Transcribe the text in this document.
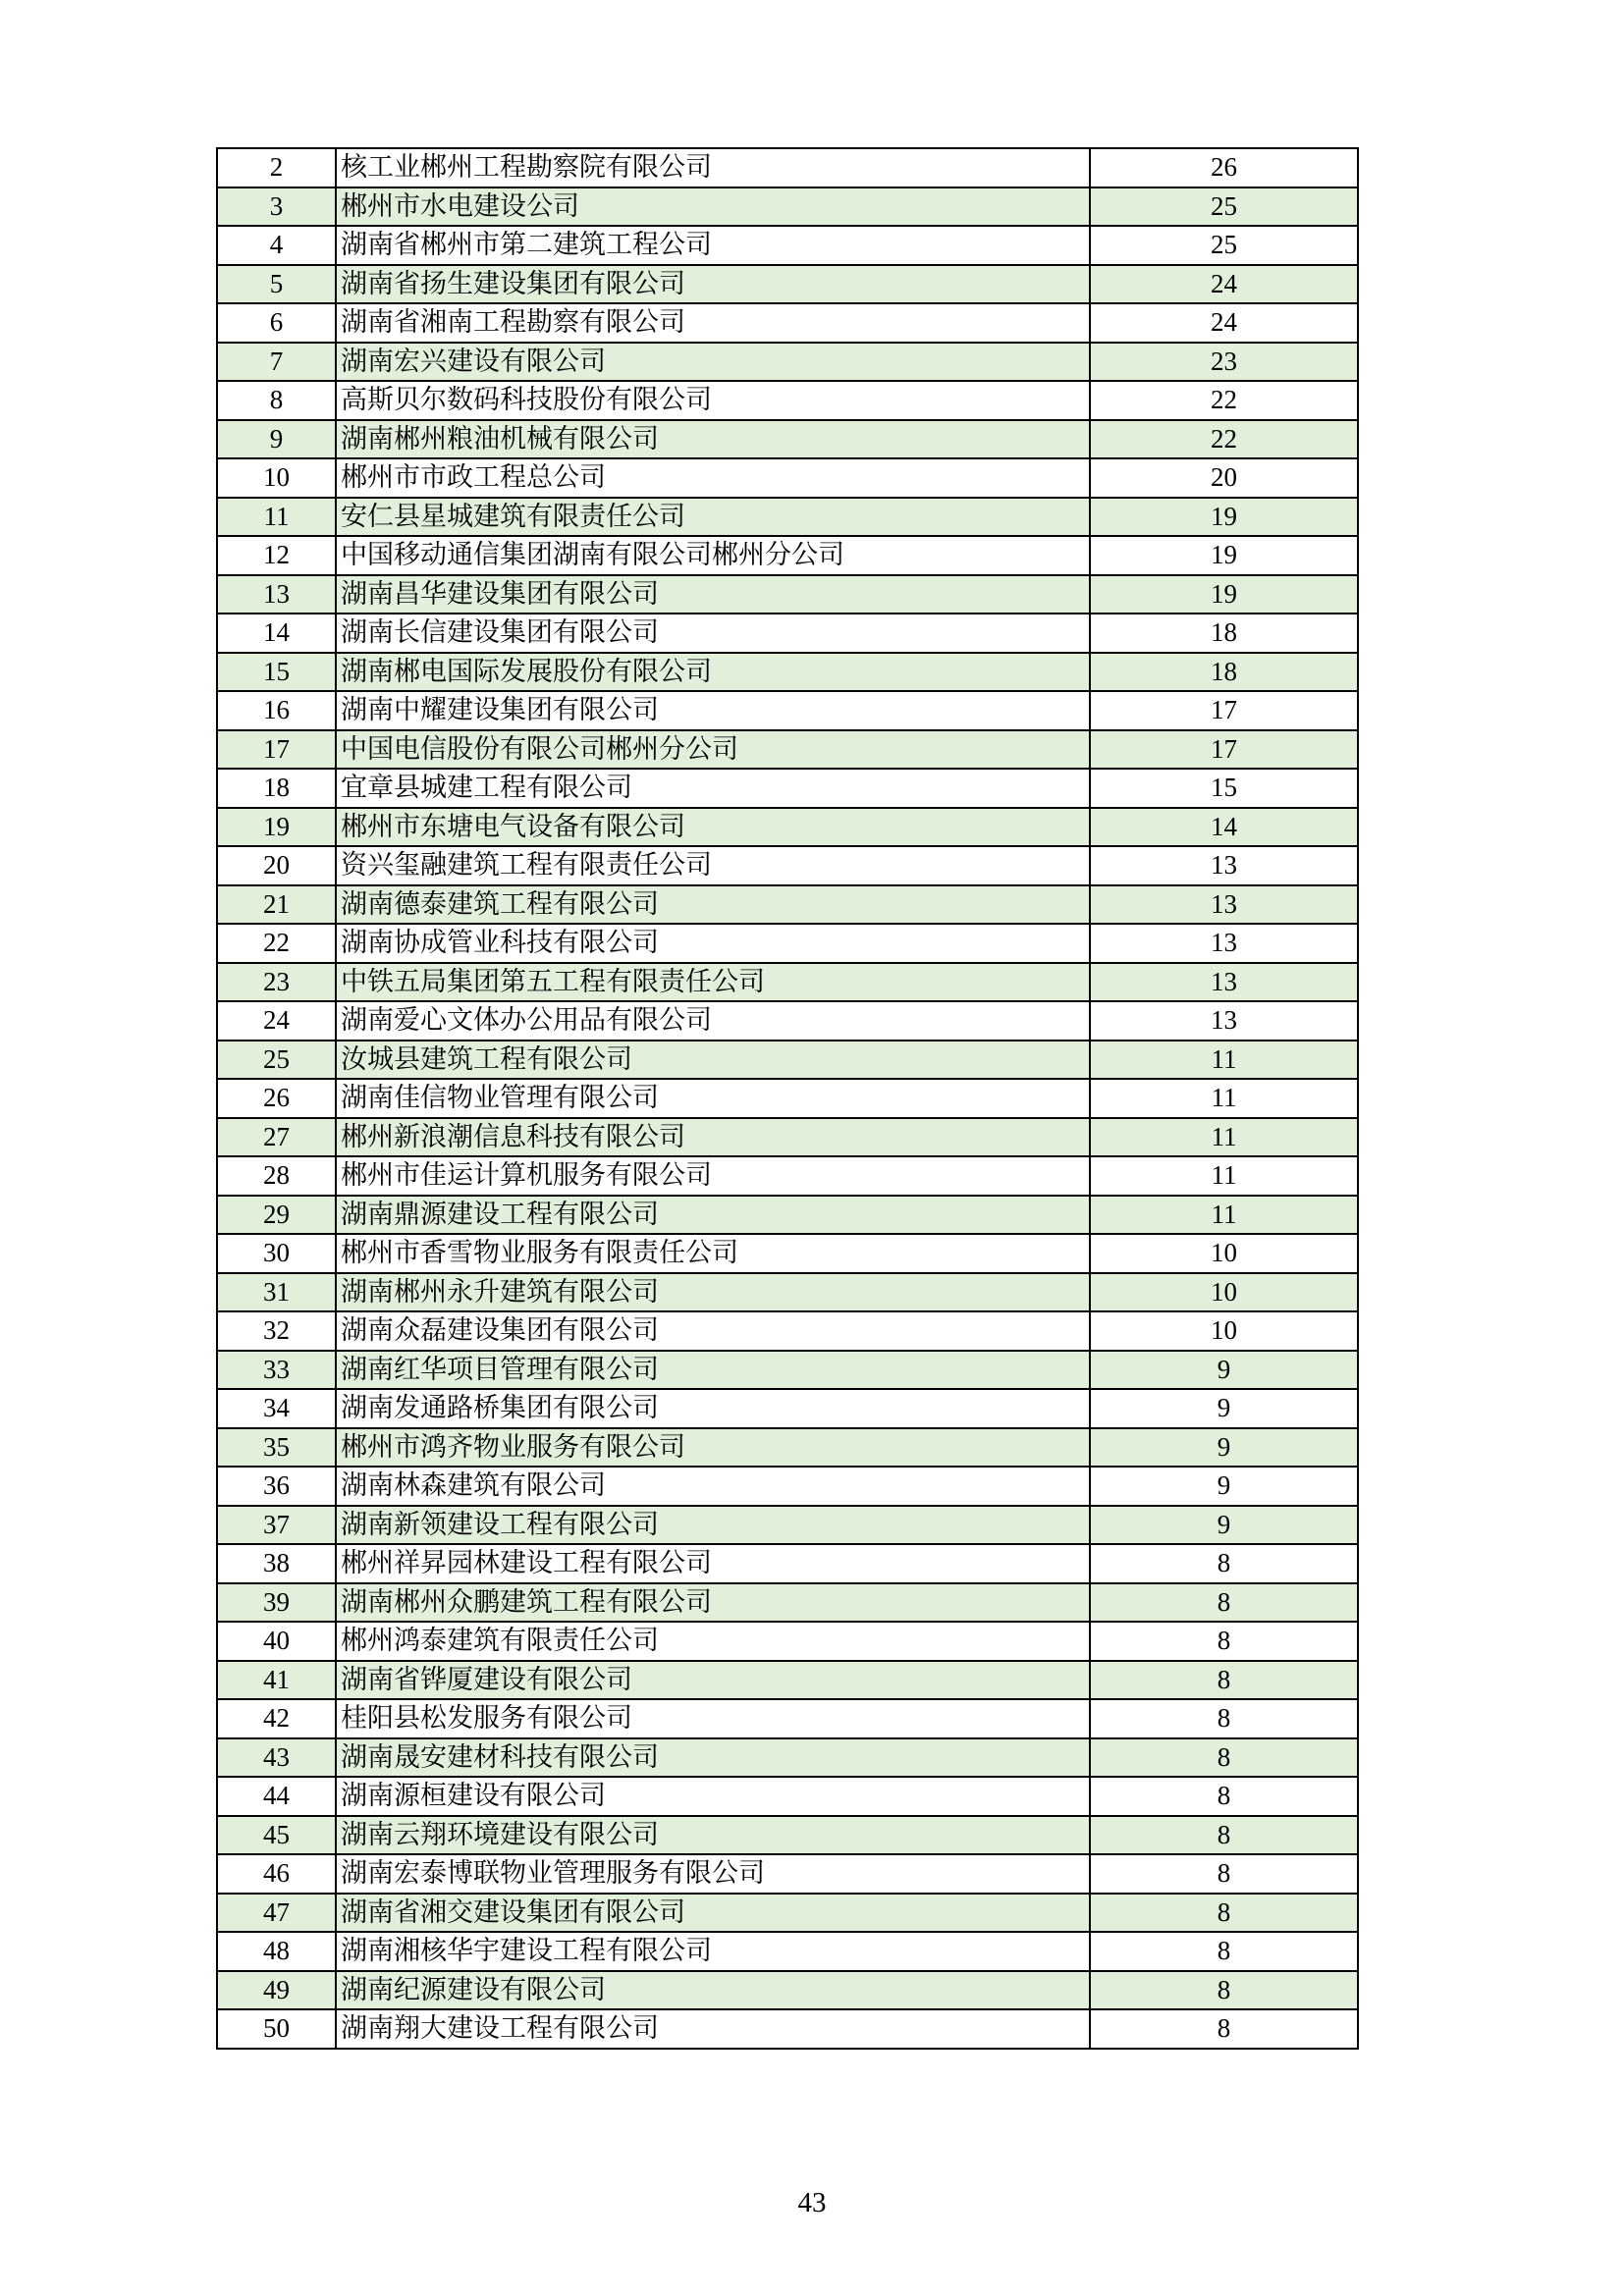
2	核工业郴州工程勘察院有限公司	26
3	郴州市水电建设公司	25
4	湖南省郴州市第二建筑工程公司	25
5	湖南省扬生建设集团有限公司	24
6	湖南省湘南工程勘察有限公司	24
7	湖南宏兴建设有限公司	23
8	高斯贝尔数码科技股份有限公司	22
9	湖南郴州粮油机械有限公司	22
10	郴州市市政工程总公司	20
11	安仁县星城建筑有限责任公司	19
12	中国移动通信集团湖南有限公司郴州分公司	19
13	湖南昌华建设集团有限公司	19
14	湖南长信建设集团有限公司	18
15	湖南郴电国际发展股份有限公司	18
16	湖南中耀建设集团有限公司	17
17	中国电信股份有限公司郴州分公司	17
18	宜章县城建工程有限公司	15
19	郴州市东塘电气设备有限公司	14
20	资兴玺融建筑工程有限责任公司	13
21	湖南德泰建筑工程有限公司	13
22	湖南协成管业科技有限公司	13
23	中铁五局集团第五工程有限责任公司	13
24	湖南爱心文体办公用品有限公司	13
25	汝城县建筑工程有限公司	11
26	湖南佳信物业管理有限公司	11
27	郴州新浪潮信息科技有限公司	11
28	郴州市佳运计算机服务有限公司	11
29	湖南鼎源建设工程有限公司	11
30	郴州市香雪物业服务有限责任公司	10
31	湖南郴州永升建筑有限公司	10
32	湖南众磊建设集团有限公司	10
33	湖南红华项目管理有限公司	9
34	湖南发通路桥集团有限公司	9
35	郴州市鸿齐物业服务有限公司	9
36	湖南林森建筑有限公司	9
37	湖南新领建设工程有限公司	9
38	郴州祥昇园林建设工程有限公司	8
39	湖南郴州众鹏建筑工程有限公司	8
40	郴州鸿泰建筑有限责任公司	8
41	湖南省铧厦建设有限公司	8
42	桂阳县松发服务有限公司	8
43	湖南晟安建材科技有限公司	8
44	湖南源桓建设有限公司	8
45	湖南云翔环境建设有限公司	8
46	湖南宏泰博联物业管理服务有限公司	8
47	湖南省湘交建设集团有限公司	8
48	湖南湘核华宇建设工程有限公司	8
49	湖南纪源建设有限公司	8
50	湖南翔大建设工程有限公司	8
43
